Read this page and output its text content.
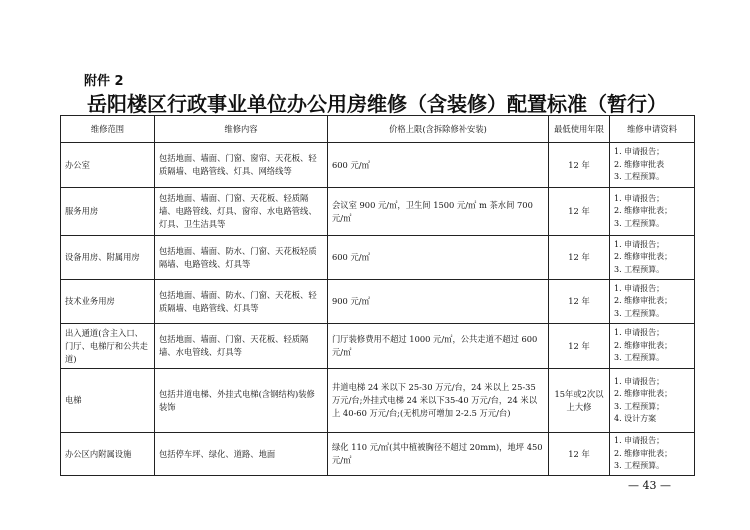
附件 2
岳阳楼区行政事业单位办公用房维修（含装修）配置标准（暂行）
维修范围	维修内容	价格上限(含拆除修补安装)	最低使用年限	维修申请资料
办公室	包括地面、墙面、门窗、窗帘、天花板、轻质隔墙、电路管线、灯具、网络线等	600 元/㎡	12 年	1. 申请报告；
2. 维修审批表
3. 工程预算。

服务用房	包括地面、墙面、门窗、天花板、轻质隔墙、电路管线、灯具、窗帘、水电路管线、灯具、卫生洁具等	会议室 900 元/㎡，卫生间 1500 元/㎡ m 茶水间 700 元/㎡	12 年	1. 申请报告；
2. 维修审批表；
3. 工程预算。

设备用房、附属用房	包括地面、墙面、防水、门窗、天花板轻质隔墙、电路管线、灯具等	600 元/㎡	12 年	1. 申请报告；
2. 维修审批表；
3. 工程预算。

技术业务用房	包括地面、墙面、防水、门窗、天花板、轻质隔墙、电路管线、灯具等	900 元/㎡	12 年	1. 申请报告；
2. 维修审批表；
3. 工程预算。

出入通道(含主入口、门厅、电梯厅和公共走道)	包括地面、墙面、门窗、天花板、轻质隔墙、水电管线、灯具等	门厅装修费用不超过 1000 元/㎡，公共走道不超过 600 元/㎡	12 年	1. 申请报告；
2. 维修审批表；
3. 工程预算。

电梯	包括井道电梯、外挂式电梯(含钢结构)装修装饰	井道电梯 24 米以下 25-30 万元/台，24 米以上 25-35 万元/台;外挂式电梯 24 米以下35-40 万元/台，24 米以上 40-60 万元/台;(无机房可增加 2-2.5 万元/台)	15年或2次以上大修	1. 申请报告；
2. 维修审批表；
3. 工程预算；
4. 设计方案

办公区内附属设施	包括停车坪、绿化、道路、地面	绿化 110 元/㎡(其中植被胸径不超过 20mm)，地坪 450 元/㎡	12 年	1. 申请报告；
2. 维修审批表；
3. 工程预算。
— 43 —
